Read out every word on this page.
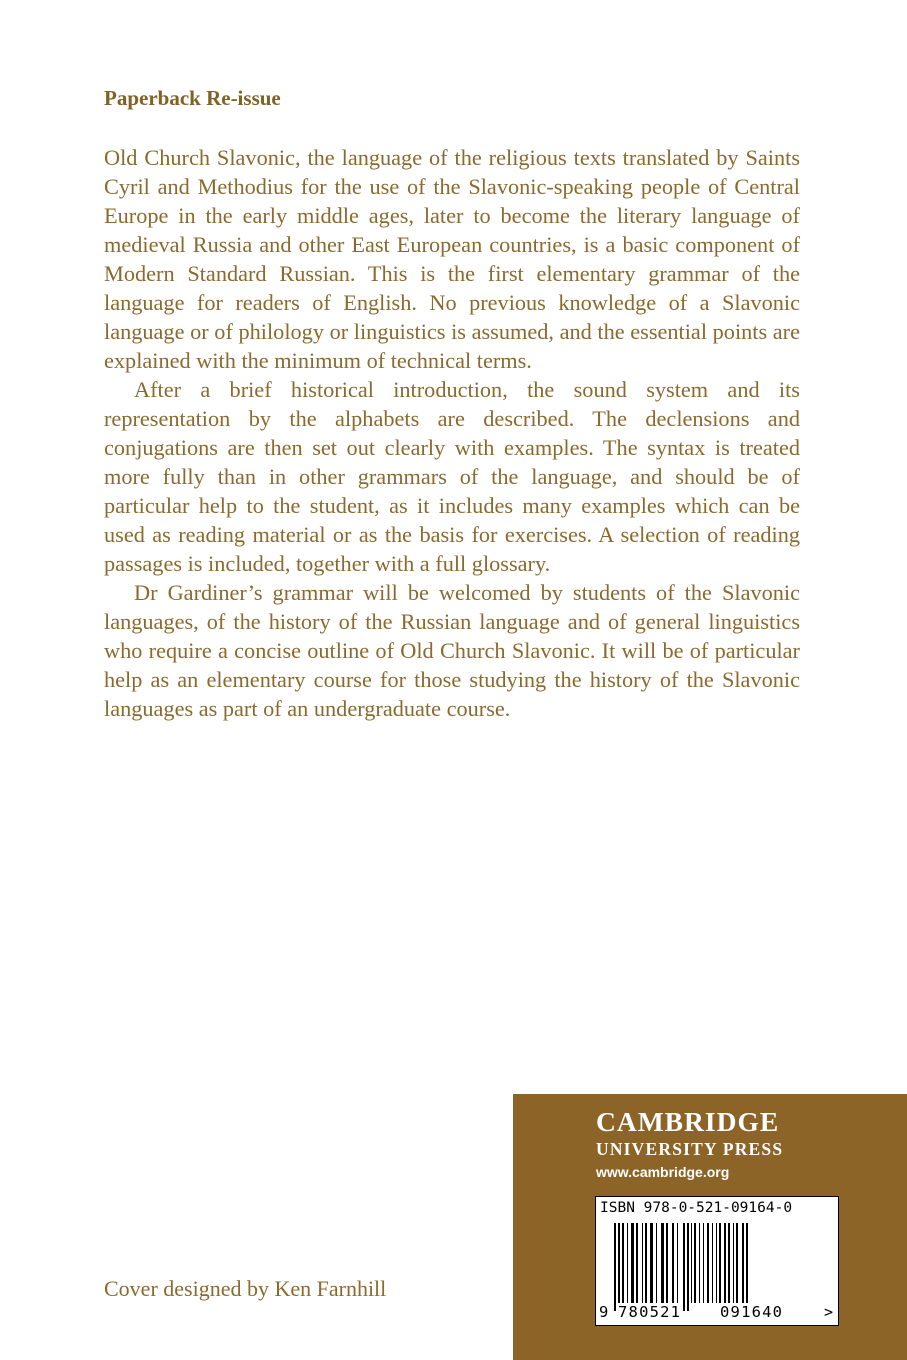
Paperback Re-issue

Old Church Slavonic, the language of the religious texts translated by Saints Cyril and Methodius for the use of the Slavonic-speaking people of Central Europe in the early middle ages, later to become the literary language of medieval Russia and other East European countries, is a basic component of Modern Standard Russian. This is the first elementary grammar of the language for readers of English. No previous knowledge of a Slavonic language or of philology or linguistics is assumed, and the essential points are explained with the minimum of technical terms.

After a brief historical introduction, the sound system and its representation by the alphabets are described. The declensions and conjugations are then set out clearly with examples. The syntax is treated more fully than in other grammars of the language, and should be of particular help to the student, as it includes many examples which can be used as reading material or as the basis for exercises. A selection of reading passages is included, together with a full glossary.

Dr Gardiner’s grammar will be welcomed by students of the Slavonic languages, of the history of the Russian language and of general linguistics who require a concise outline of Old Church Slavonic. It will be of particular help as an elementary course for those studying the history of the Slavonic languages as part of an undergraduate course.

Cover designed by Ken Farnhill
CAMBRIDGE
UNIVERSITY PRESS
www.cambridge.org
ISBN 978-0-521-09164-0
9 780521	091640	>
